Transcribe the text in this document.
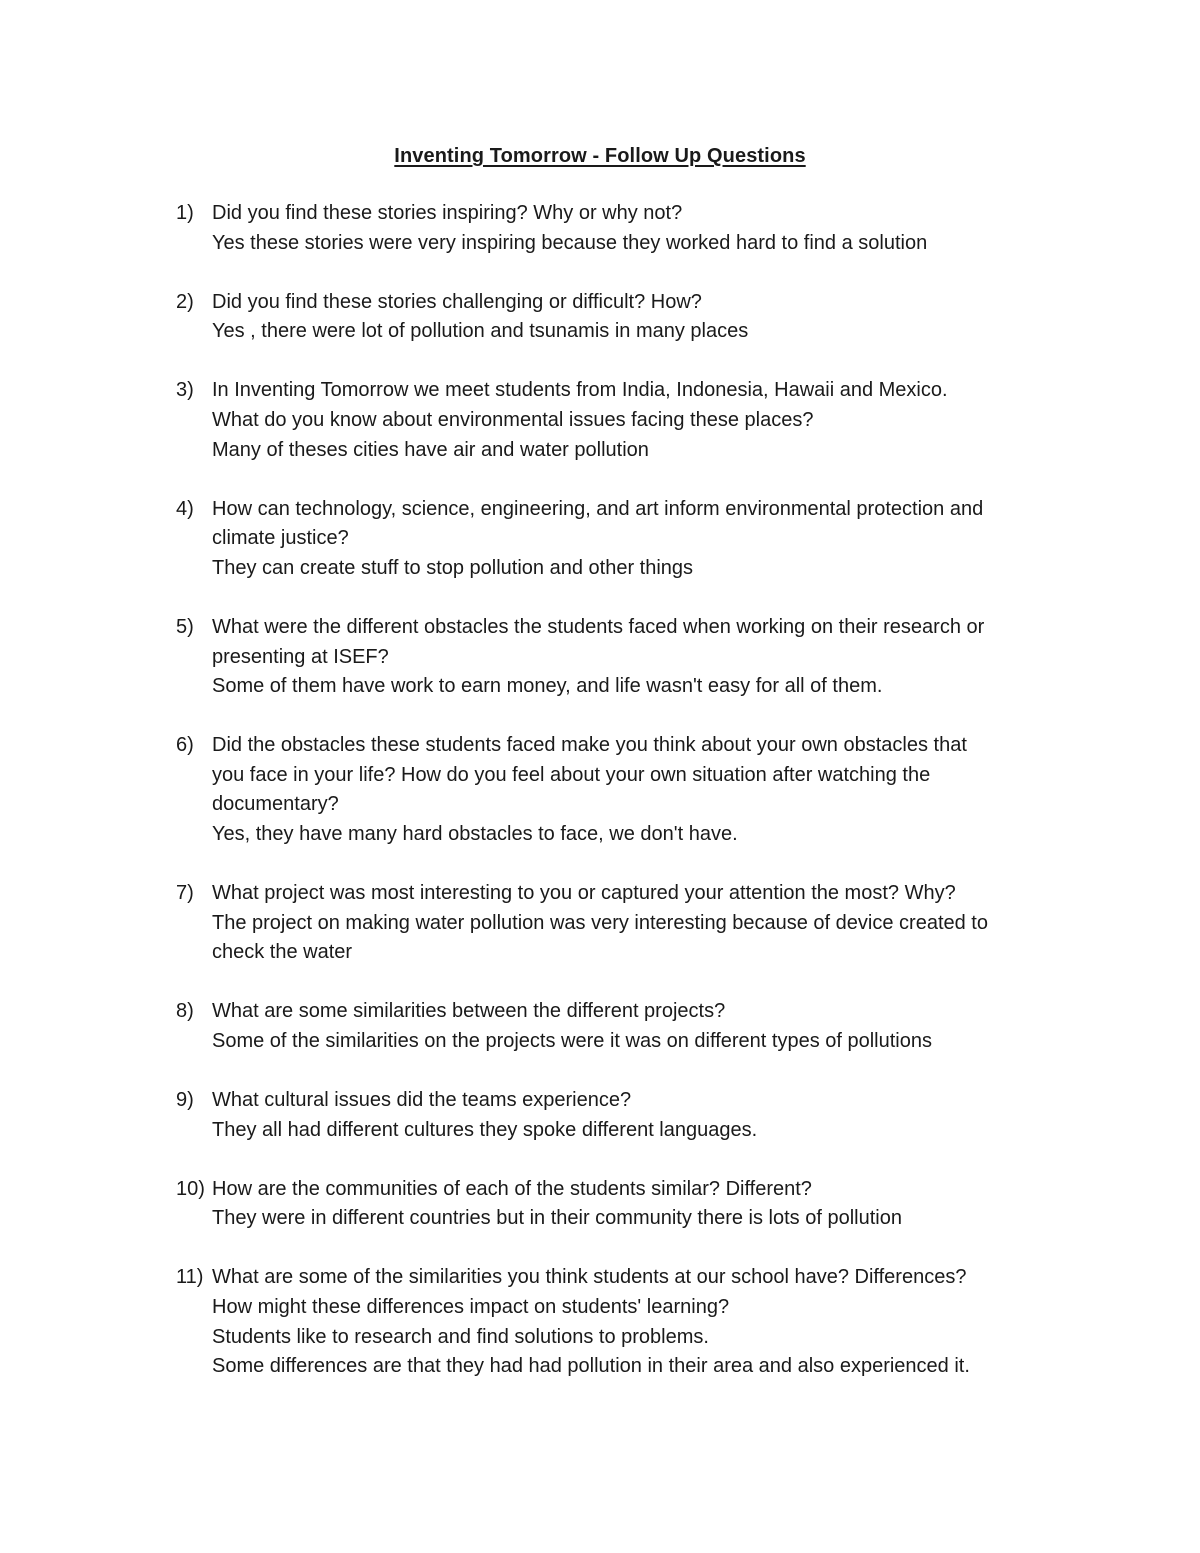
Inventing Tomorrow - Follow Up Questions
1) Did you find these stories inspiring? Why or why not?
Yes these stories were very inspiring because they worked hard to find a solution
2) Did you find these stories challenging or difficult? How?
Yes , there were lot of pollution and tsunamis in many places
3) In Inventing Tomorrow we meet students from India, Indonesia, Hawaii and Mexico.
What do you know about environmental issues facing these places?
Many of theses cities have air and water pollution
4) How can technology, science, engineering, and art inform environmental protection and
climate justice?
They can create stuff to stop pollution and other things
5) What were the different obstacles the students faced when working on their research or
presenting at ISEF?
Some of them have work to earn money, and life wasn't easy for all of them.
6) Did the obstacles these students faced make you think about your own obstacles that
you face in your life? How do you feel about your own situation after watching the
documentary?
Yes, they have many hard obstacles to face, we don't have.
7) What project was most interesting to you or captured your attention the most? Why?
The project on making water pollution was very interesting because of device created to
check the water
8) What are some similarities between the different projects?
Some of the similarities on the projects were it was on different types of pollutions
9) What cultural issues did the teams experience?
They all had different cultures they spoke different languages.
10) How are the communities of each of the students similar? Different?
They were in different countries but in their community there is lots of pollution
11) What are some of the similarities you think students at our school have? Differences?
How might these differences impact on students' learning?
Students like to research and find solutions to problems.
Some differences are that they had had pollution in their area and also experienced it.
